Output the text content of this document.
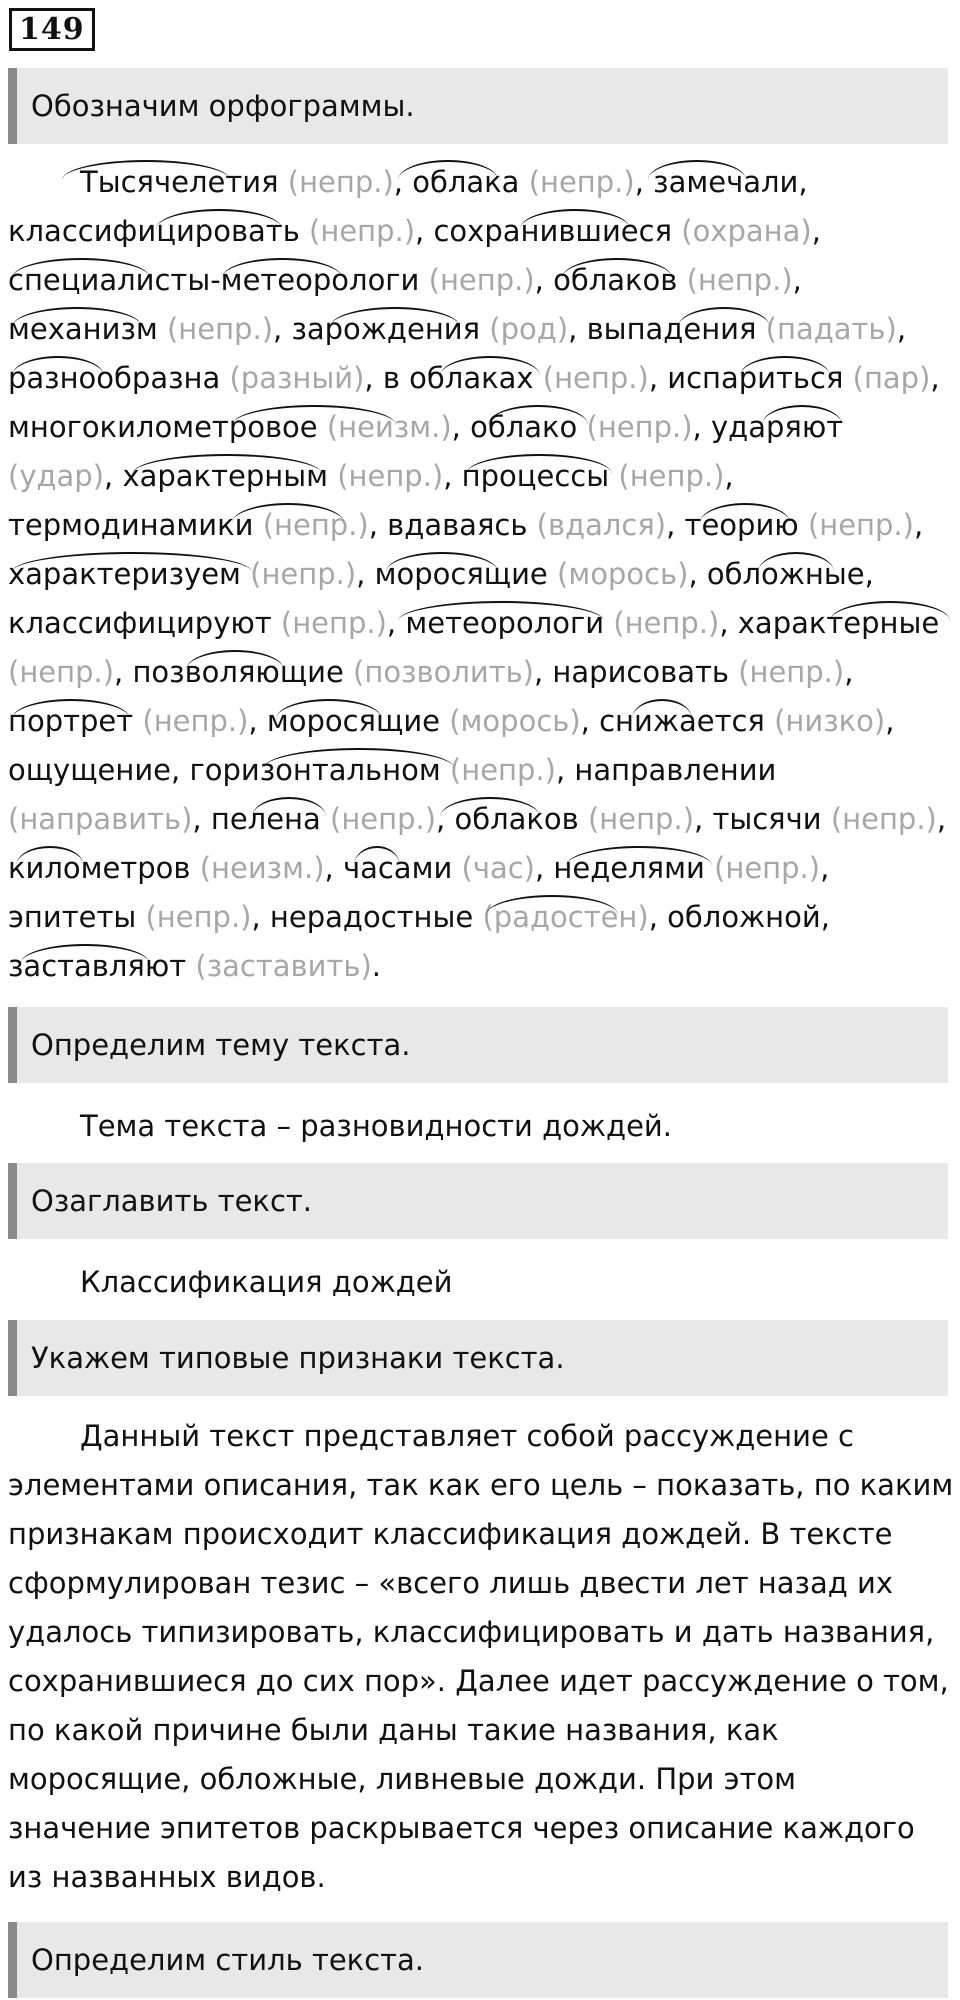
149
Обозначим орфограммы.
Тысячелетия (непр.), облака (непр.), замечали,
классифицировать (непр.), сохранившиеся (охрана),
специалисты-метеорологи (непр.), облаков (непр.),
механизм (непр.), зарождения (род), выпадения (падать),
разнообразна (разный), в облаках (непр.), испариться (пар),
многокилометровое (неизм.), облако (непр.), ударяют
(удар), характерным (непр.), процессы (непр.),
термодинамики (непр.), вдаваясь (вдался), теорию (непр.),
характеризуем (непр.), моросящие (морось), обложные,
классифицируют (непр.), метеорологи (непр.), характерные
(непр.), позволяющие (позволить), нарисовать (непр.),
портрет (непр.), моросящие (морось), снижается (низко),
ощущение, горизонтальном (непр.), направлении
(направить), пелена (непр.), облаков (непр.), тысячи (непр.),
километров (неизм.), часами (час), неделями (непр.),
эпитеты (непр.), нерадостные (радостен), обложной,
заставляют (заставить).
Определим тему текста.
Тема текста – разновидности дождей.
Озаглавить текст.
Классификация дождей
Укажем типовые признаки текста.
Данный текст представляет собой рассуждение с
элементами описания, так как его цель – показать, по каким
признакам происходит классификация дождей. В тексте
сформулирован тезис – «всего лишь двести лет назад их
удалось типизировать, классифицировать и дать названия,
сохранившиеся до сих пор». Далее идет рассуждение о том,
по какой причине были даны такие названия, как
моросящие, обложные, ливневые дожди. При этом
значение эпитетов раскрывается через описание каждого
из названных видов.
Определим стиль текста.
